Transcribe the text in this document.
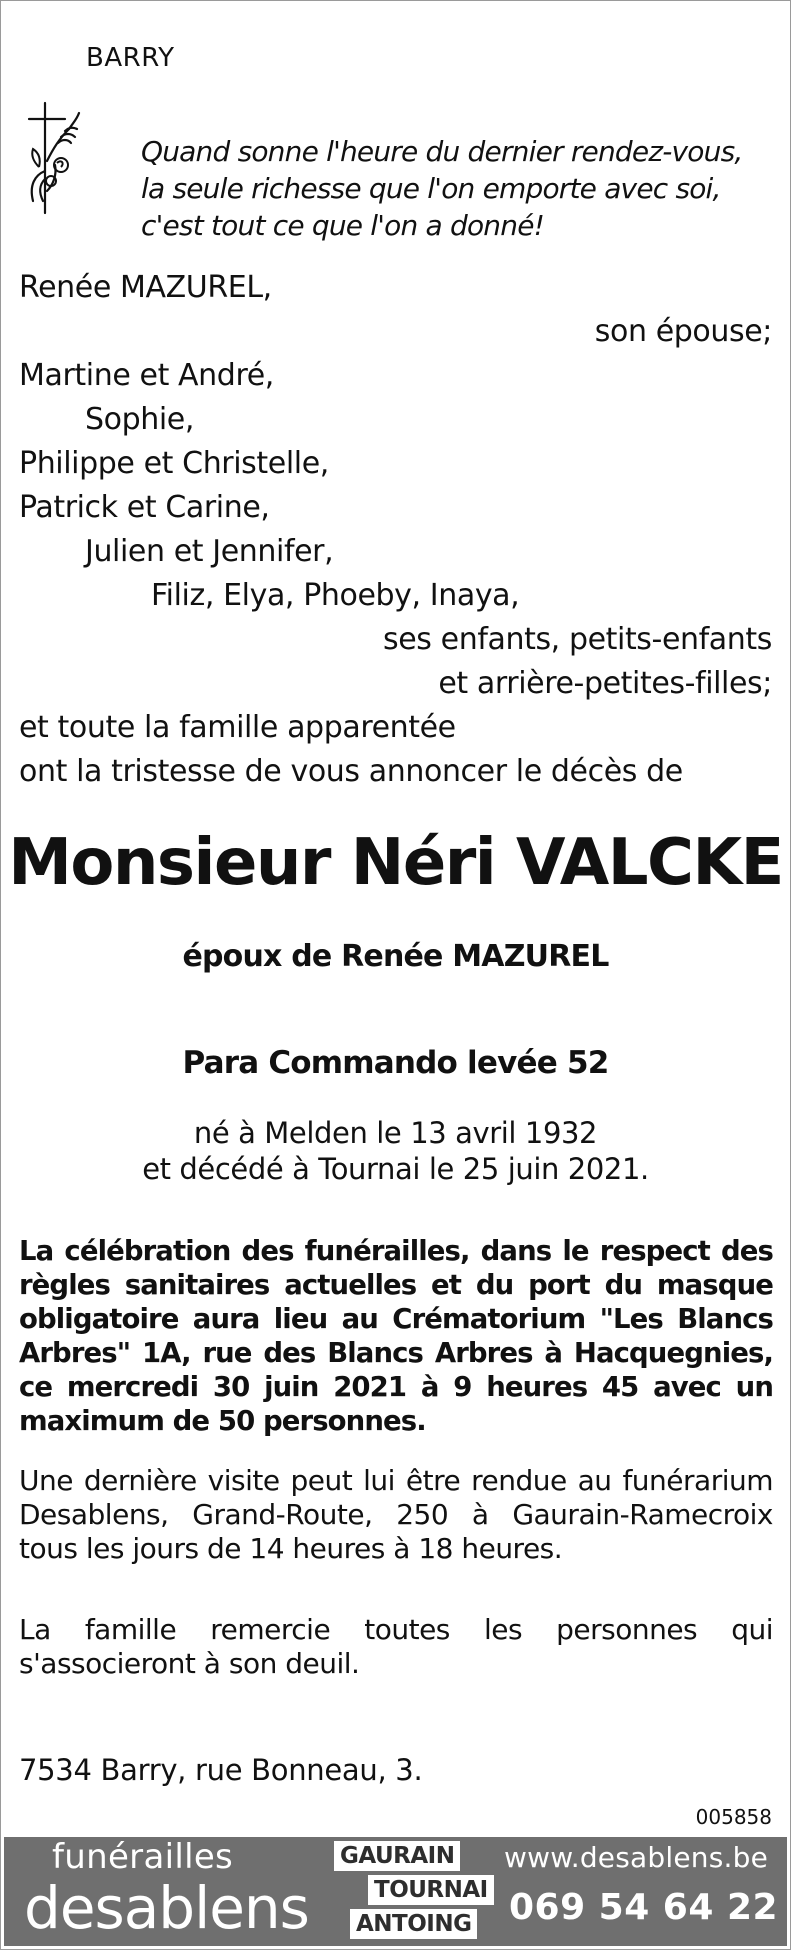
BARRY
Quand sonne l'heure du dernier rendez-vous,
la seule richesse que l'on emporte avec soi,
c'est tout ce que l'on a donné!
Renée MAZUREL,
son épouse;
Martine et André,
Sophie,
Philippe et Christelle,
Patrick et Carine,
Julien et Jennifer,
Filiz, Elya, Phoeby, Inaya,
ses enfants, petits-enfants
et arrière-petites-filles;
et toute la famille apparentée
ont la tristesse de vous annoncer le décès de
Monsieur Néri VALCKE
époux de Renée MAZUREL
Para Commando levée 52
né à Melden le 13 avril 1932
et décédé à Tournai le 25 juin 2021.
La célébration des funérailles, dans le respect des règles sanitaires actuelles et du port du masque obligatoire aura lieu au Crématorium "Les Blancs Arbres" 1A, rue des Blancs Arbres à Hacquegnies, ce mercredi 30 juin 2021 à 9 heures 45 avec un maximum de 50 personnes.
Une dernière visite peut lui être rendue au funérarium Desablens, Grand-Route, 250 à Gaurain-Ramecroix tous les jours de 14 heures à 18 heures.
La famille remercie toutes les personnes qui s'associeront à son deuil.
7534 Barry, rue Bonneau, 3.
005858
funérailles
desablens
GAURAIN
TOURNAI
ANTOING
www.desablens.be
069 54 64 22
